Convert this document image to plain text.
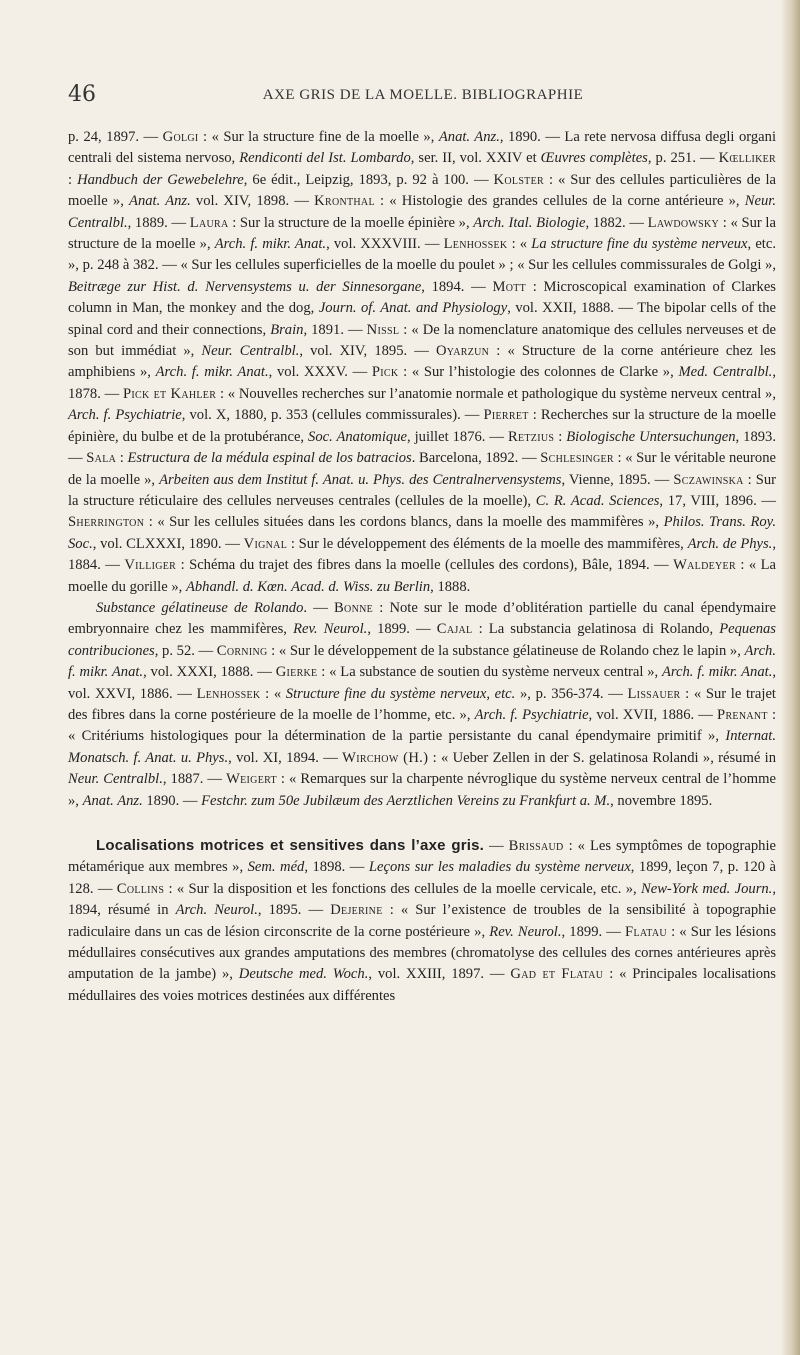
46	AXE GRIS DE LA MOELLE. BIBLIOGRAPHIE

p. 24, 1897. — Golgi : « Sur la structure fine de la moelle », Anat. Anz., 1890. — La rete nervosa diffusa degli organi centrali del sistema nervoso, Rendiconti del Ist. Lombardo, ser. II, vol. XXIV et Œuvres complètes, p. 251. — Kœlliker : Handbuch der Gewebelehre, 6e édit., Leipzig, 1893, p. 92 à 100. — Kolster : « Sur des cellules particulières de la moelle », Anat. Anz. vol. XIV, 1898. — Kronthal : « Histologie des grandes cellules de la corne antérieure », Neur. Centralbl., 1889. — Laura : Sur la structure de la moelle épinière », Arch. Ital. Biologie, 1882. — Lawdowsky : « Sur la structure de la moelle », Arch. f. mikr. Anat., vol. XXXVIII. — Lenhossek : « La structure fine du système nerveux, etc. », p. 248 à 382. — « Sur les cellules superficielles de la moelle du poulet » ; « Sur les cellules commissurales de Golgi », Beitræge zur Hist. d. Nervensystems u. der Sinnesorgane, 1894. — Mott : Microscopical examination of Clarkes column in Man, the monkey and the dog, Journ. of. Anat. and Physiology, vol. XXII, 1888. — The bipolar cells of the spinal cord and their connections, Brain, 1891. — Nissl : « De la nomenclature anatomique des cellules nerveuses et de son but immédiat », Neur. Centralbl., vol. XIV, 1895. — Oyarzun : « Structure de la corne antérieure chez les amphibiens », Arch. f. mikr. Anat., vol. XXXV. — Pick : « Sur l’histologie des colonnes de Clarke », Med. Centralbl., 1878. — Pick et Kahler : « Nouvelles recherches sur l’anatomie normale et pathologique du système nerveux central », Arch. f. Psychiatrie, vol. X, 1880, p. 353 (cellules commissurales). — Pierret : Recherches sur la structure de la moelle épinière, du bulbe et de la protubérance, Soc. Anatomique, juillet 1876. — Retzius : Biologische Untersuchungen, 1893. — Sala : Estructura de la médula espinal de los batracios. Barcelona, 1892. — Schlesinger : « Sur le véritable neurone de la moelle », Arbeiten aus dem Institut f. Anat. u. Phys. des Centralnervensystems, Vienne, 1895. — Sczawinska : Sur la structure réticulaire des cellules nerveuses centrales (cellules de la moelle), C. R. Acad. Sciences, 17, VIII, 1896. — Sherrington : « Sur les cellules situées dans les cordons blancs, dans la moelle des mammifères », Philos. Trans. Roy. Soc., vol. CLXXXI, 1890. — Vignal : Sur le développement des éléments de la moelle des mammifères, Arch. de Phys., 1884. — Villiger : Schéma du trajet des fibres dans la moelle (cellules des cordons), Bâle, 1894. — Waldeyer : « La moelle du gorille », Abhandl. d. Kœn. Acad. d. Wiss. zu Berlin, 1888.

Substance gélatineuse de Rolando. — Bonne : Note sur le mode d’oblitération partielle du canal épendymaire embryonnaire chez les mammifères, Rev. Neurol., 1899. — Cajal : La substancia gelatinosa di Rolando, Pequenas contribuciones, p. 52. — Corning : « Sur le développement de la substance gélatineuse de Rolando chez le lapin », Arch. f. mikr. Anat., vol. XXXI, 1888. — Gierke : « La substance de soutien du système nerveux central », Arch. f. mikr. Anat., vol. XXVI, 1886. — Lenhossek : « Structure fine du système nerveux, etc. », p. 356-374. — Lissauer : « Sur le trajet des fibres dans la corne postérieure de la moelle de l’homme, etc. », Arch. f. Psychiatrie, vol. XVII, 1886. — Prenant : « Critériums histologiques pour la détermination de la partie persistante du canal épendymaire primitif », Internat. Monatsch. f. Anat. u. Phys., vol. XI, 1894. — Wirchow (H.) : « Ueber Zellen in der S. gelatinosa Rolandi », résumé in Neur. Centralbl., 1887. — Weigert : « Remarques sur la charpente névroglique du système nerveux central de l’homme », Anat. Anz. 1890. — Festchr. zum 50e Jubilæum des Aerztlichen Vereins zu Frankfurt a. M., novembre 1895.

Localisations motrices et sensitives dans l’axe gris. — Brissaud : « Les symptômes de topographie métamérique aux membres », Sem. méd, 1898. — Leçons sur les maladies du système nerveux, 1899, leçon 7, p. 120 à 128. — Collins : « Sur la disposition et les fonctions des cellules de la moelle cervicale, etc. », New-York med. Journ., 1894, résumé in Arch. Neurol., 1895. — Dejerine : « Sur l’existence de troubles de la sensibilité à topographie radiculaire dans un cas de lésion circonscrite de la corne postérieure », Rev. Neurol., 1899. — Flatau : « Sur les lésions médullaires consécutives aux grandes amputations des membres (chromatolyse des cellules des cornes antérieures après amputation de la jambe) », Deutsche med. Woch., vol. XXIII, 1897. — Gad et Flatau : « Principales localisations médullaires des voies motrices destinées aux différentes
